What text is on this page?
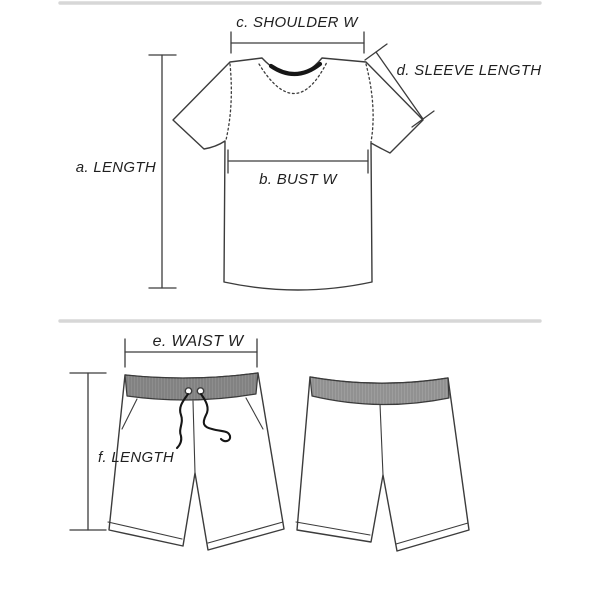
c. SHOULDER W
d. SLEEVE LENGTH
a. LENGTH
b. BUST W
e. WAIST W
f. LENGTH
